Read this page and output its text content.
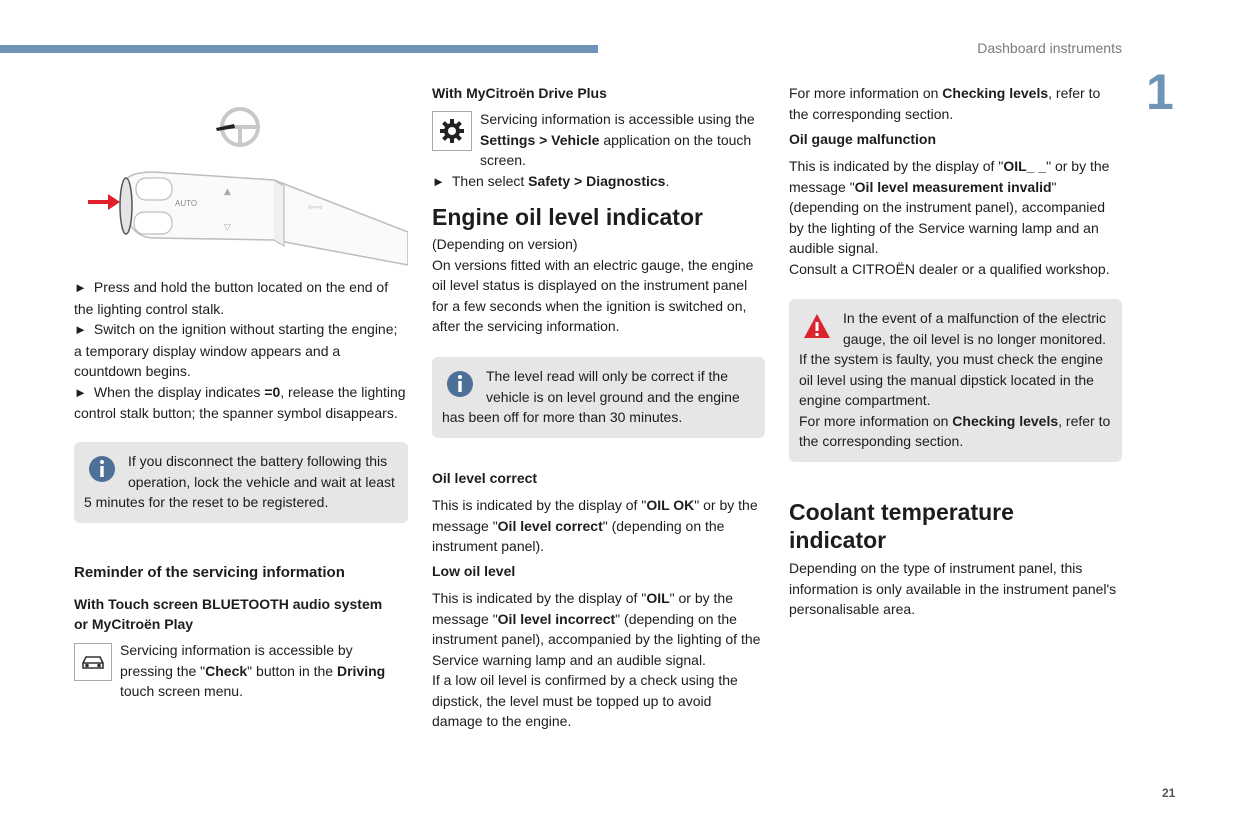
Dashboard instruments
1
21
AUTO
▲
▽
⇦⇨

► Press and hold the button located on the end of the lighting control stalk.

► Switch on the ignition without starting the engine; a temporary display window appears and a countdown begins.

► When the display indicates =0, release the lighting control stalk button; the spanner symbol disappears.

If you disconnect the battery following this operation, lock the vehicle and wait at least 5 minutes for the reset to be registered.
Reminder of the servicing information
With Touch screen BLUETOOTH audio system or MyCitroën Play
Servicing information is accessible by pressing the "Check" button in the Driving touch screen menu.
With MyCitroën Drive Plus
Servicing information is accessible using the Settings > Vehicle application on the touch screen.

► Then select Safety > Diagnostics.

Engine oil level indicator

(Depending on version)

On versions fitted with an electric gauge, the engine oil level status is displayed on the instrument panel for a few seconds when the ignition is switched on, after the servicing information.

The level read will only be correct if the vehicle is on level ground and the engine has been off for more than 30 minutes.
Oil level correct

This is indicated by the display of "OIL OK" or by the message "Oil level correct" (depending on the instrument panel).

Low oil level

This is indicated by the display of "OIL" or by the message "Oil level incorrect" (depending on the instrument panel), accompanied by the lighting of the Service warning lamp and an audible signal.

If a low oil level is confirmed by a check using the dipstick, the level must be topped up to avoid damage to the engine.

For more information on Checking levels, refer to the corresponding section.

Oil gauge malfunction

This is indicated by the display of "OIL_ _" or by the message "Oil level measurement invalid" (depending on the instrument panel), accompanied by the lighting of the Service warning lamp and an audible signal.

Consult a CITROËN dealer or a qualified workshop.

In the event of a malfunction of the electric gauge, the oil level is no longer monitored.

If the system is faulty, you must check the engine oil level using the manual dipstick located in the engine compartment.

For more information on Checking levels, refer to the corresponding section.

Coolant temperature indicator

Depending on the type of instrument panel, this information is only available in the instrument panel's personalisable area.
